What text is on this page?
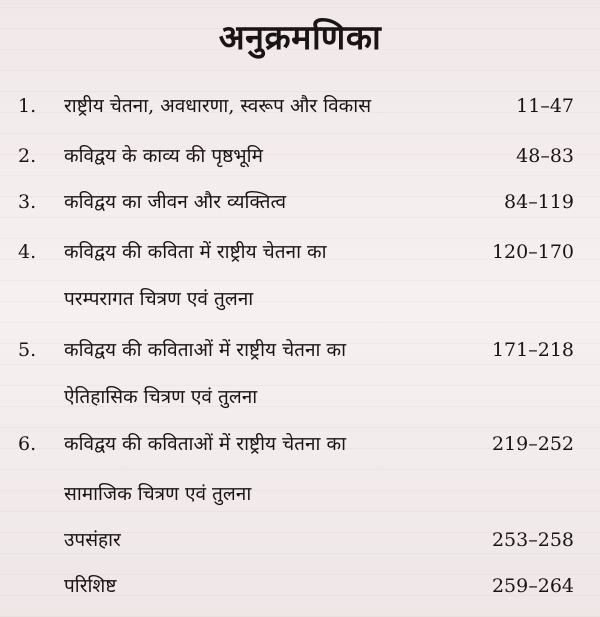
अनुक्रमणिका
1. राष्ट्रीय चेतना, अवधारणा, स्वरूप और विकास	11–47
2. कविद्वय के काव्य की पृष्ठभूमि	48–83
3. कविद्वय का जीवन और व्यक्तित्व	84–119
4. कविद्वय की कविता में राष्ट्रीय चेतना का	120–170
परम्परागत चित्रण एवं तुलना
5. कविद्वय की कविताओं में राष्ट्रीय चेतना का	171–218
ऐतिहासिक चित्रण एवं तुलना
6. कविद्वय की कविताओं में राष्ट्रीय चेतना का	219–252
सामाजिक चित्रण एवं तुलना
उपसंहार	253–258
परिशिष्ट	259–264
